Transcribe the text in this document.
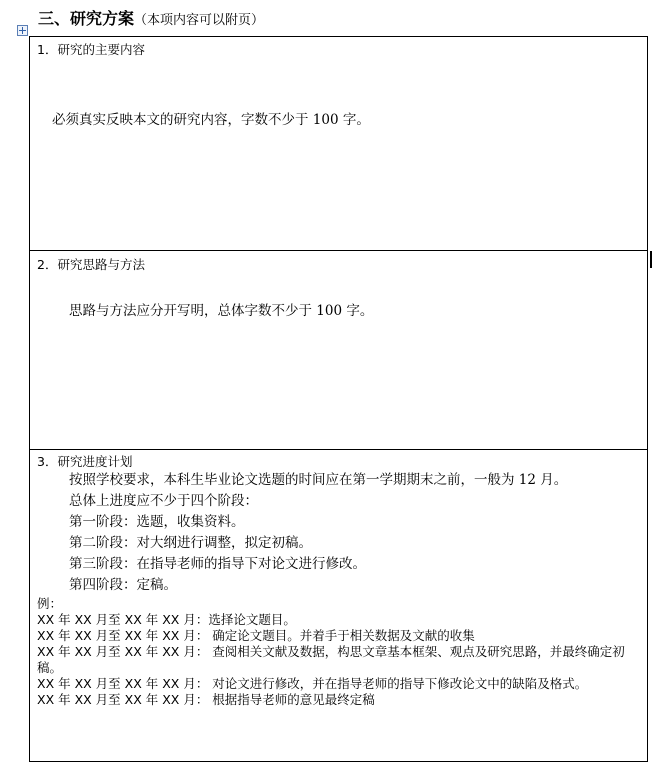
三、研究方案（本项内容可以附页）
1．研究的主要内容
必须真实反映本文的研究内容，字数不少于 100 字。
2．研究思路与方法
思路与方法应分开写明，总体字数不少于 100 字。
3．研究进度计划
按照学校要求，本科生毕业论文选题的时间应在第一学期期末之前，一般为 12 月。
总体上进度应不少于四个阶段：
第一阶段：选题，收集资料。
第二阶段：对大纲进行调整，拟定初稿。
第三阶段：在指导老师的指导下对论文进行修改。
第四阶段：定稿。
例：
XX 年 XX 月至 XX 年 XX 月：选择论文题目。
XX 年 XX 月至 XX 年 XX 月： 确定论文题目。并着手于相关数据及文献的收集
XX 年 XX 月至 XX 年 XX 月： 查阅相关文献及数据，构思文章基本框架、观点及研究思路，并最终确定初稿。
XX 年 XX 月至 XX 年 XX 月： 对论文进行修改，并在指导老师的指导下修改论文中的缺陷及格式。
XX 年 XX 月至 XX 年 XX 月： 根据指导老师的意见最终定稿
